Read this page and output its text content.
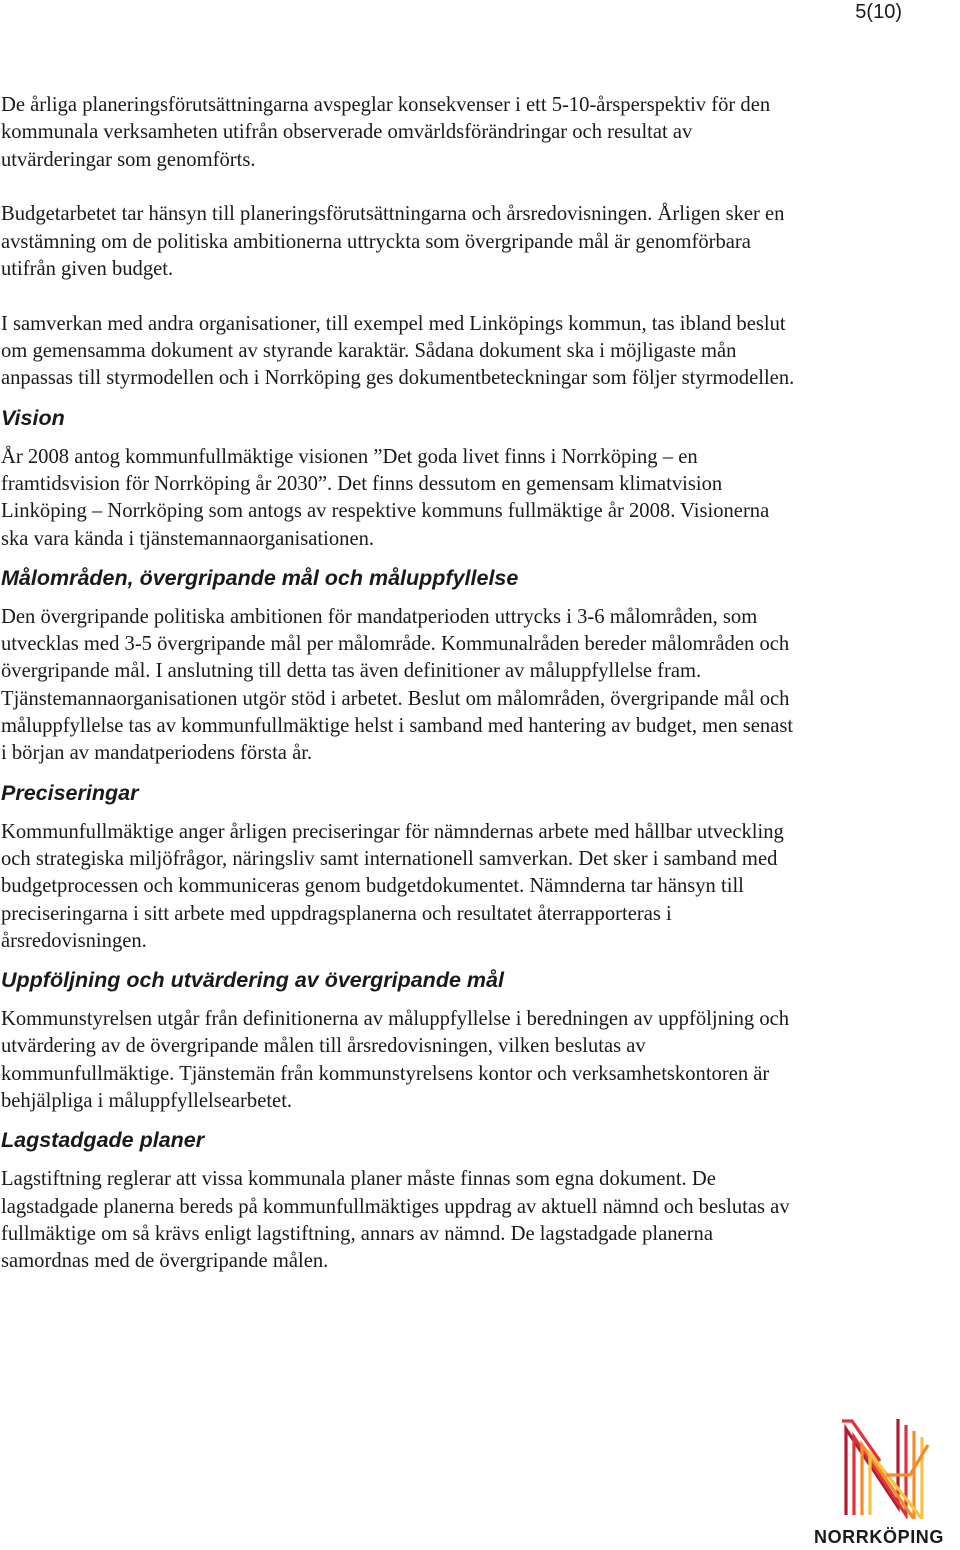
5(10)

De årliga planeringsförutsättningarna avspeglar konsekvenser i ett 5-10-årsperspektiv för den kommunala verksamheten utifrån observerade omvärldsförändringar och resultat av utvärderingar som genomförts.

Budgetarbetet tar hänsyn till planeringsförutsättningarna och årsredovisningen. Årligen sker en avstämning om de politiska ambitionerna uttryckta som övergripande mål är genomförbara utifrån given budget.

I samverkan med andra organisationer, till exempel med Linköpings kommun, tas ibland beslut om gemensamma dokument av styrande karaktär. Sådana dokument ska i möjligaste mån anpassas till styrmodellen och i Norrköping ges dokumentbeteckningar som följer styrmodellen.

Vision

År 2008 antog kommunfullmäktige visionen ”Det goda livet finns i Norrköping – en framtidsvision för Norrköping år 2030”. Det finns dessutom en gemensam klimatvision Linköping – Norrköping som antogs av respektive kommuns fullmäktige år 2008. Visionerna ska vara kända i tjänstemannaorganisationen.

Målområden, övergripande mål och måluppfyllelse

Den övergripande politiska ambitionen för mandatperioden uttrycks i 3-6 målområden, som utvecklas med 3-5 övergripande mål per målområde. Kommunalråden bereder målområden och övergripande mål. I anslutning till detta tas även definitioner av måluppfyllelse fram. Tjänstemannaorganisationen utgör stöd i arbetet. Beslut om målområden, övergripande mål och måluppfyllelse tas av kommunfullmäktige helst i samband med hantering av budget, men senast i början av mandatperiodens första år.

Preciseringar

Kommunfullmäktige anger årligen preciseringar för nämndernas arbete med hållbar utveckling och strategiska miljöfrågor, näringsliv samt internationell samverkan. Det sker i samband med budgetprocessen och kommuniceras genom budgetdokumentet. Nämnderna tar hänsyn till preciseringarna i sitt arbete med uppdragsplanerna och resultatet återrapporteras i årsredovisningen.

Uppföljning och utvärdering av övergripande mål

Kommunstyrelsen utgår från definitionerna av måluppfyllelse i beredningen av uppföljning och utvärdering av de övergripande målen till årsredovisningen, vilken beslutas av kommunfullmäktige. Tjänstemän från kommunstyrelsens kontor och verksamhetskontoren är behjälpliga i måluppfyllelsearbetet.

Lagstadgade planer

Lagstiftning reglerar att vissa kommunala planer måste finnas som egna dokument. De lagstadgade planerna bereds på kommunfullmäktiges uppdrag av aktuell nämnd och beslutas av fullmäktige om så krävs enligt lagstiftning, annars av nämnd. De lagstadgade planerna samordnas med de övergripande målen.

NORRKÖPING
